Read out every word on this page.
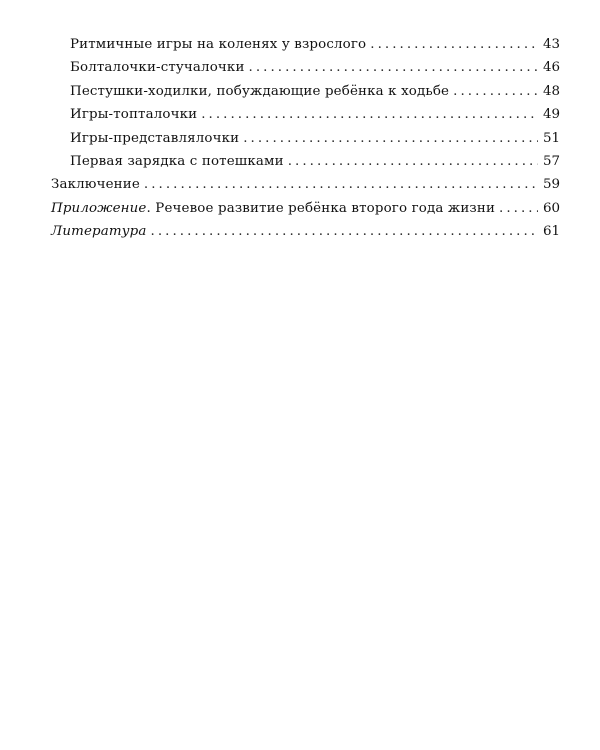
Ритмичные игры на коленях у взрослого . . .	43
Болталочки-стучалочки . . .	46
Пестушки-ходилки, побуждающие ребёнка к ходьбе . . .	48
Игры-топталочки . . .	49
Игры-представлялочки . . .	51
Первая зарядка с потешками . . .	57
Заключение . . .	59
Приложение. Речевое развитие ребёнка второго года жизни . . .	60
Литература . . .	61
